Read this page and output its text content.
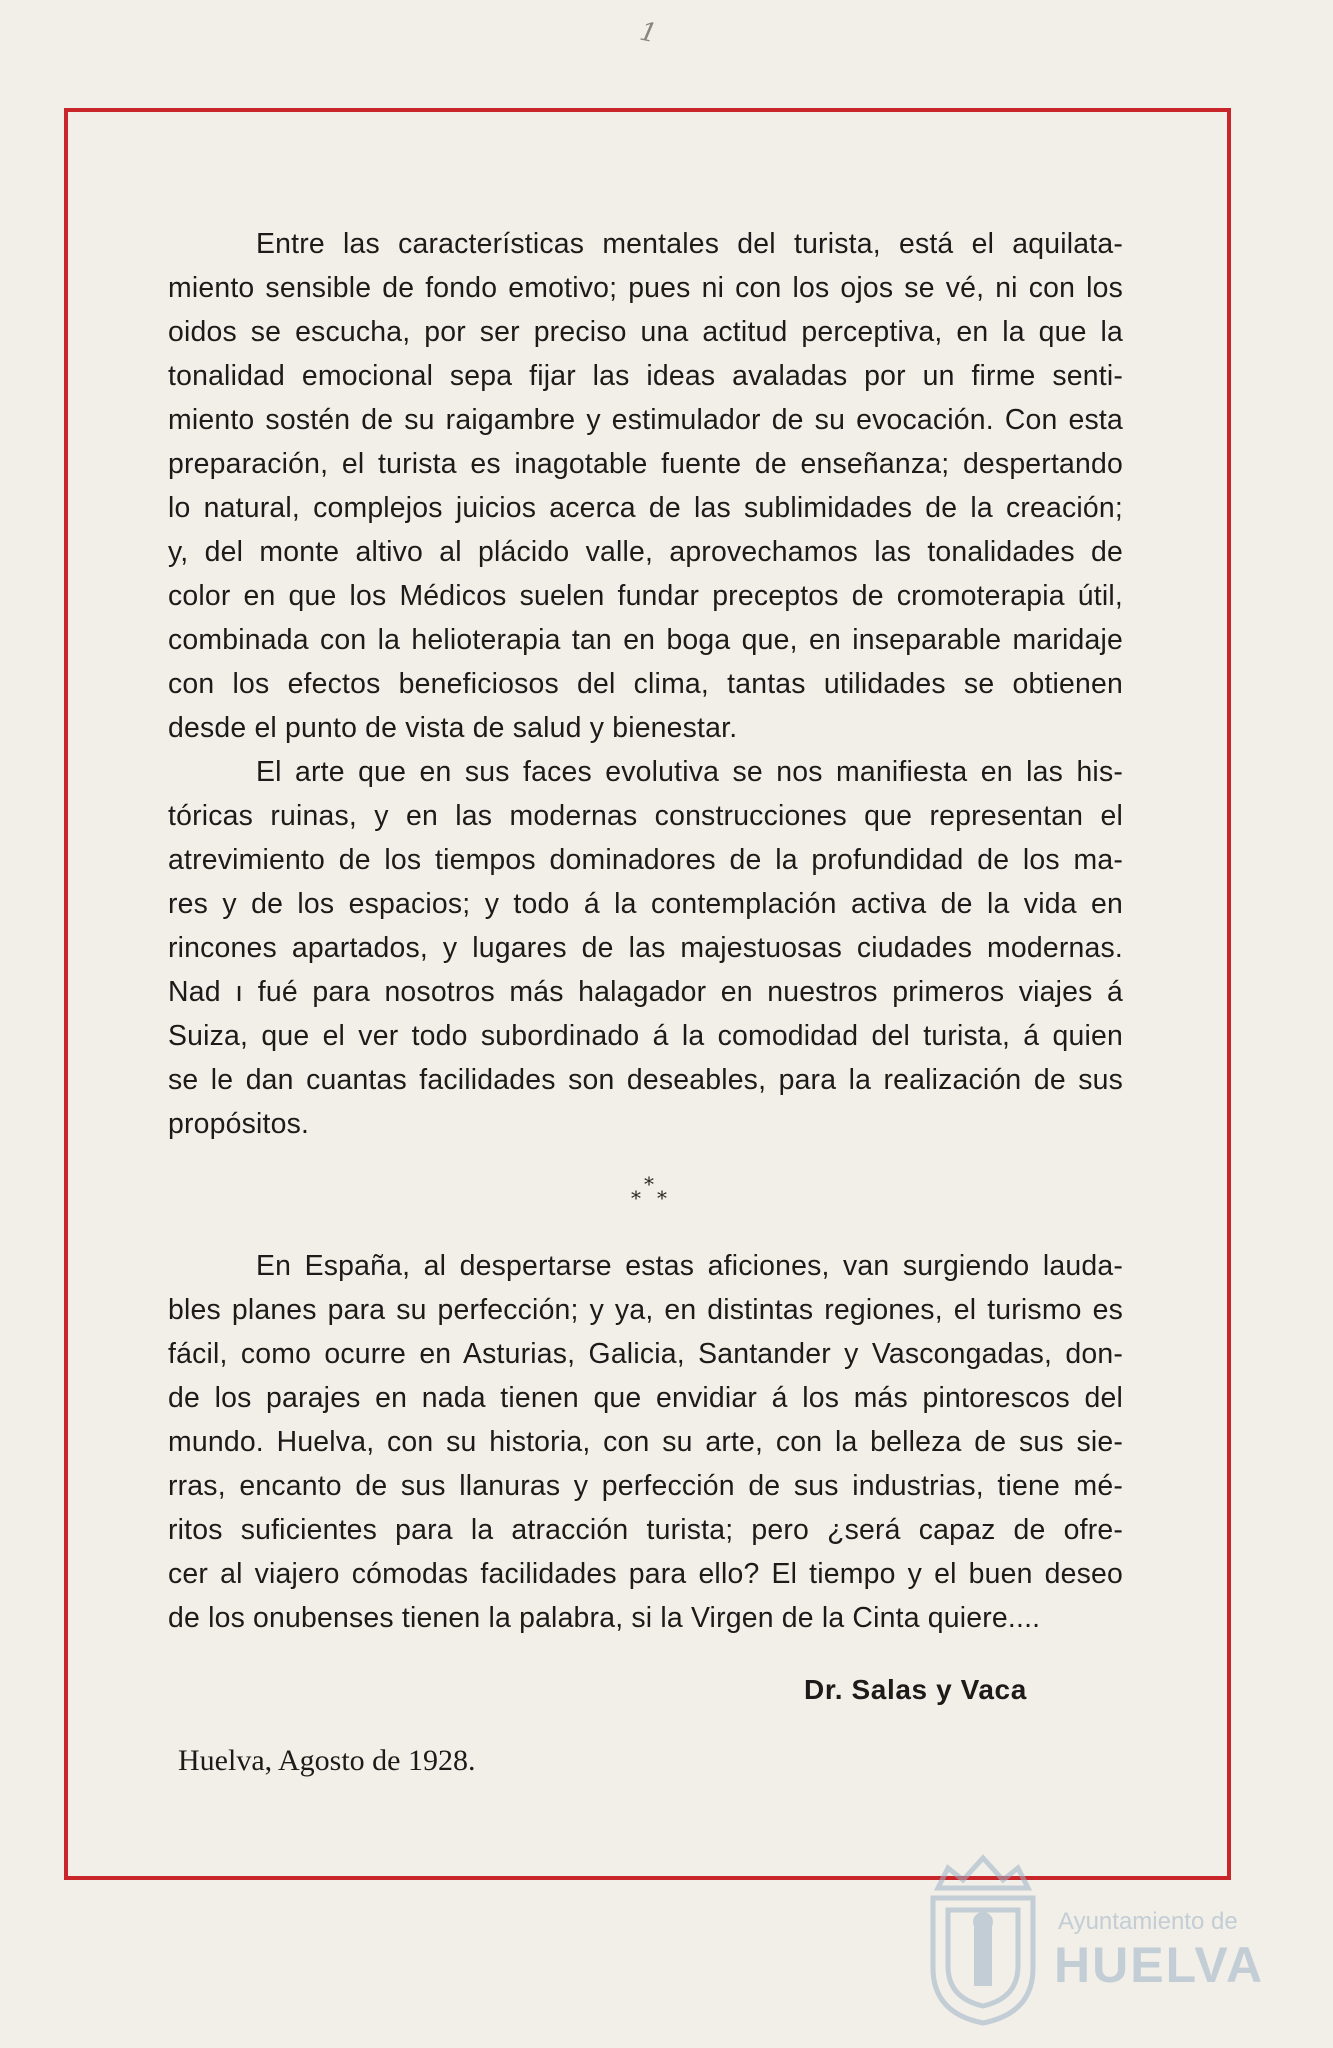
1
Entre las características mentales del turista, está el aquilata-
miento sensible de fondo emotivo; pues ni con los ojos se vé, ni con los
oidos se escucha, por ser preciso una actitud perceptiva, en la que la
tonalidad emocional sepa fijar las ideas avaladas por un firme senti-
miento sostén de su raigambre y estimulador de su evocación. Con esta
preparación, el turista es inagotable fuente de enseñanza; despertando
lo natural, complejos juicios acerca de las sublimidades de la creación;
y, del monte altivo al plácido valle, aprovechamos las tonalidades de
color en que los Médicos suelen fundar preceptos de cromoterapia útil,
combinada con la helioterapia tan en boga que, en inseparable maridaje
con los efectos beneficiosos del clima, tantas utilidades se obtienen
desde el punto de vista de salud y bienestar.
El arte que en sus faces evolutiva se nos manifiesta en las his-
tóricas ruinas, y en las modernas construcciones que representan el
atrevimiento de los tiempos dominadores de la profundidad de los ma-
res y de los espacios; y todo á la contemplación activa de la vida en
rincones apartados, y lugares de las majestuosas ciudades modernas.
Nad ı fué para nosotros más halagador en nuestros primeros viajes á
Suiza, que el ver todo subordinado á la comodidad del turista, á quien
se le dan cuantas facilidades son deseables, para la realización de sus
propósitos.
*
* *
En España, al despertarse estas aficiones, van surgiendo lauda-
bles planes para su perfección; y ya, en distintas regiones, el turismo es
fácil, como ocurre en Asturias, Galicia, Santander y Vascongadas, don-
de los parajes en nada tienen que envidiar á los más pintorescos del
mundo. Huelva, con su historia, con su arte, con la belleza de sus sie-
rras, encanto de sus llanuras y perfección de sus industrias, tiene mé-
ritos suficientes para la atracción turista; pero ¿será capaz de ofre-
cer al viajero cómodas facilidades para ello? El tiempo y el buen deseo
de los onubenses tienen la palabra, si la Virgen de la Cinta quiere....
Dr. Salas y Vaca
Huelva, Agosto de 1928.
Ayuntamiento de
HUELVA
